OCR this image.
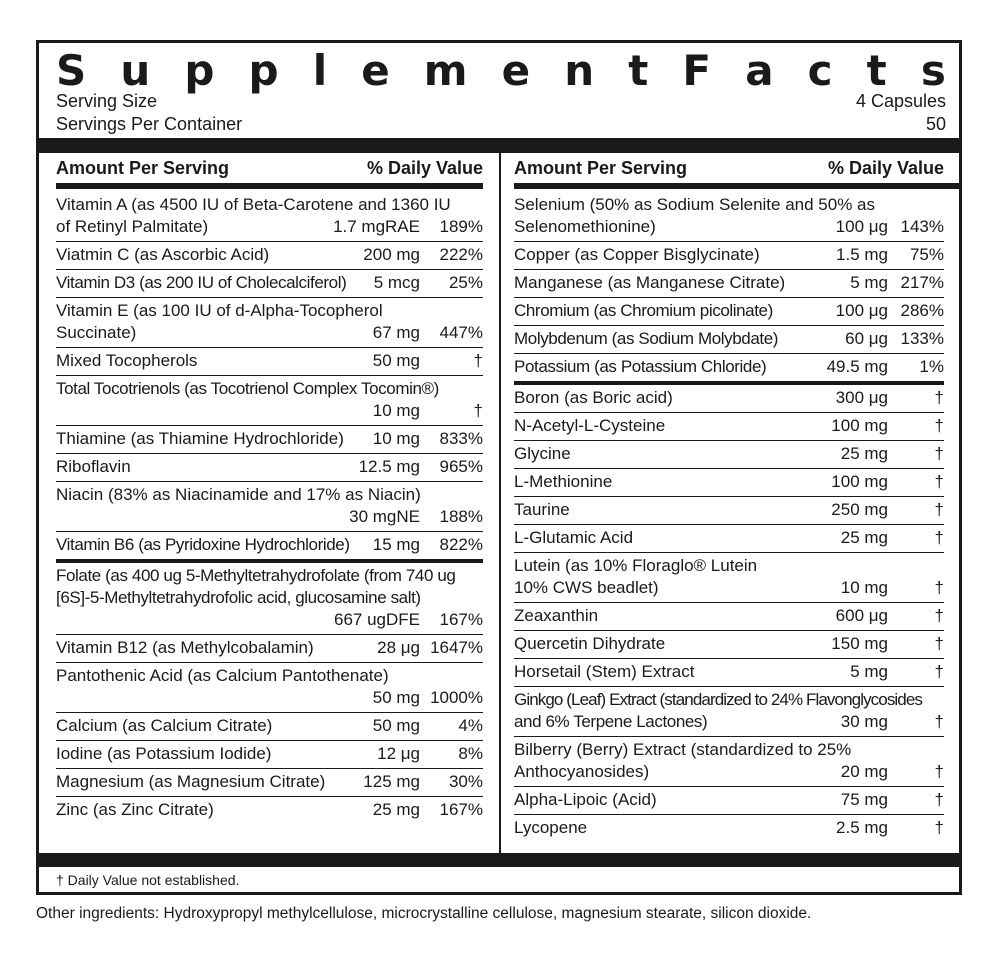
S u p p l e m e n t F a c t s
Serving Size	4 Capsules
Servings Per Container	50
Amount Per Serving	% Daily Value
Vitamin A (as 4500 IU of Beta-Carotene and 1360 IU
of Retinyl Palmitate)	1.7 mgRAE	189%
Viatmin C (as Ascorbic Acid)	200 mg	222%
Vitamin D3 (as 200 IU of Cholecalciferol)	5 mcg	25%
Vitamin E (as 100 IU of d-Alpha-Tocopherol
Succinate)	67 mg	447%
Mixed Tocopherols	50 mg	†
Total Tocotrienols (as Tocotrienol Complex Tocomin®)
10 mg	†
Thiamine (as Thiamine Hydrochloride)	10 mg	833%
Riboflavin	12.5 mg	965%
Niacin (83% as Niacinamide and 17% as Niacin)
30 mgNE	188%
Vitamin B6 (as Pyridoxine Hydrochloride)	15 mg	822%
Folate (as 400 ug 5-Methyltetrahydrofolate (from 740 ug
[6S]-5-Methyltetrahydrofolic acid, glucosamine salt)
667 ugDFE	167%
Vitamin B12 (as Methylcobalamin)	28 μg 1647%
Pantothenic Acid (as Calcium Pantothenate)
50 mg 1000%
Calcium (as Calcium Citrate)	50 mg	4%
Iodine (as Potassium Iodide)	12 μg	8%
Magnesium (as Magnesium Citrate)	125 mg	30%
Zinc (as Zinc Citrate)	25 mg	167%
Amount Per Serving	% Daily Value
Selenium (50% as Sodium Selenite and 50% as
Selenomethionine)	100 μg 143%
Copper (as Copper Bisglycinate)	1.5 mg	75%
Manganese (as Manganese Citrate)	5 mg 217%
Chromium (as Chromium picolinate)	100 μg 286%
Molybdenum (as Sodium Molybdate)	60 μg 133%
Potassium (as Potassium Chloride)	49.5 mg	1%
Boron (as Boric acid)	300 μg	†
N-Acetyl-L-Cysteine	100 mg	†
Glycine	25 mg	†
L-Methionine	100 mg	†
Taurine	250 mg	†
L-Glutamic Acid	25 mg	†
Lutein (as 10% Floraglo® Lutein
10% CWS beadlet)	10 mg	†
Zeaxanthin	600 μg	†
Quercetin Dihydrate	150 mg	†
Horsetail (Stem) Extract	5 mg	†
Ginkgo (Leaf) Extract (standardized to 24% Flavonglycosides
and 6% Terpene Lactones)	30 mg	†
Bilberry (Berry) Extract (standardized to 25%
Anthocyanosides)	20 mg	†
Alpha-Lipoic (Acid)	75 mg	†
Lycopene	2.5 mg	†
† Daily Value not established.
Other ingredients: Hydroxypropyl methylcellulose, microcrystalline cellulose, magnesium stearate, silicon dioxide.
